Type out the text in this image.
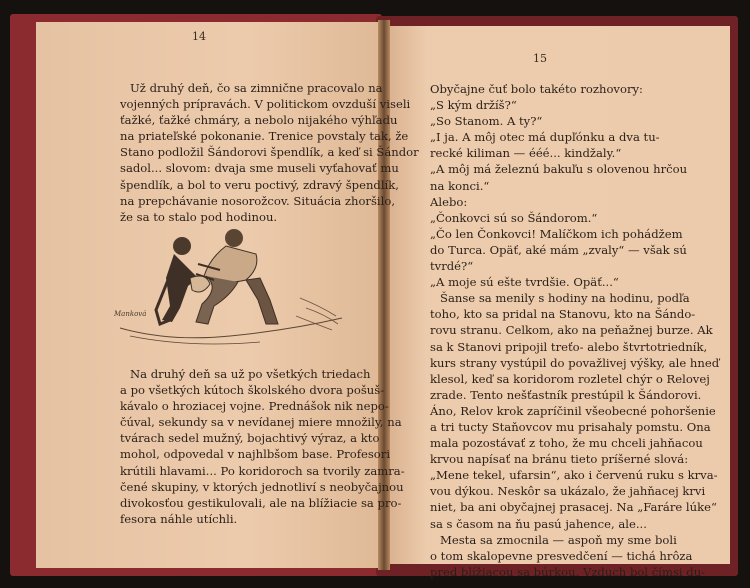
14
15
Už druhý deň, čo sa zimnične pracovalo na
vojenných prípravách. V politickom ovzduší viseli
ťažké, ťažké chmáry, a nebolo nijakého výhľadu
na priateľské pokonanie. Trenice povstaly tak, že
Stano podložil Šándorovi špendlík, a keď si Šándor
sadol... slovom: dvaja sme museli vyťahovať mu
špendlík, a bol to veru poctivý, zdravý špendlík,
na prepchávanie nosorožcov. Situácia zhoršilo,
že sa to stalo pod hodinou.
Manková
Na druhý deň sa už po všetkých triedach
a po všetkých kútoch školského dvora pošuš-
kávalo o hroziacej vojne. Prednášok nik nepo-
čúval, sekundy sa v nevídanej miere množily, na
tvárach sedel mužný, bojachtivý výraz, a kto
mohol, odpovedal v najhlbšom base. Profesori
krútili hlavami... Po koridoroch sa tvorily zamra-
čené skupiny, v ktorých jednotliví s neobyčajnou
divokosťou gestikulovali, ale na blížiacie sa pro-
fesora náhle utíchli.
Obyčajne čuť bolo takéto rozhovory:
„S kým držíš?“
„So Stanom. A ty?“
„I ja. A môj otec má dupľónku a dva tu-
recké kiliman — ééé... kindžaly.“
„A môj má železnú bakuľu s olovenou hrčou
na konci.“
Alebo:
„Čonkovci sú so Šándorom.“
„Čo len Čonkovci! Malíčkom ich pohádžem
do Turca. Opäť, aké mám „zvaly“ — však sú
tvrdé?“
„A moje sú ešte tvrdšie. Opäť...“
Šanse sa menily s hodiny na hodinu, podľa
toho, kto sa pridal na Stanovu, kto na Šándo-
rovu stranu. Celkom, ako na peňažnej burze. Ak
sa k Stanovi pripojil treťo- alebo štvrtotriedník,
kurs strany vystúpil do považlivej výšky, ale hneď
klesol, keď sa koridorom rozletel chýr o Relovej
zrade. Tento nešťastník prestúpil k Šándorovi.
Áno, Relov krok zapríčinil všeobecné pohoršenie
a tri tucty Staňovcov mu prisahaly pomstu. Ona
mala pozostávať z toho, že mu chceli jahňacou
krvou napísať na bránu tieto príšerné slová:
„Mene tekel, ufarsin“, ako i červenú ruku s krva-
vou dýkou. Neskôr sa ukázalo, že jahňacej krvi
niet, ba ani obyčajnej prasacej. Na „Faráre lúke“
sa s časom na ňu pasú jahence, ale...
Mesta sa zmocnila — aspoň my sme boli
o tom skalopevne presvedčení — tichá hrôza
pred blížiacou sa búrkou. Vzduch bol čímsi du-
